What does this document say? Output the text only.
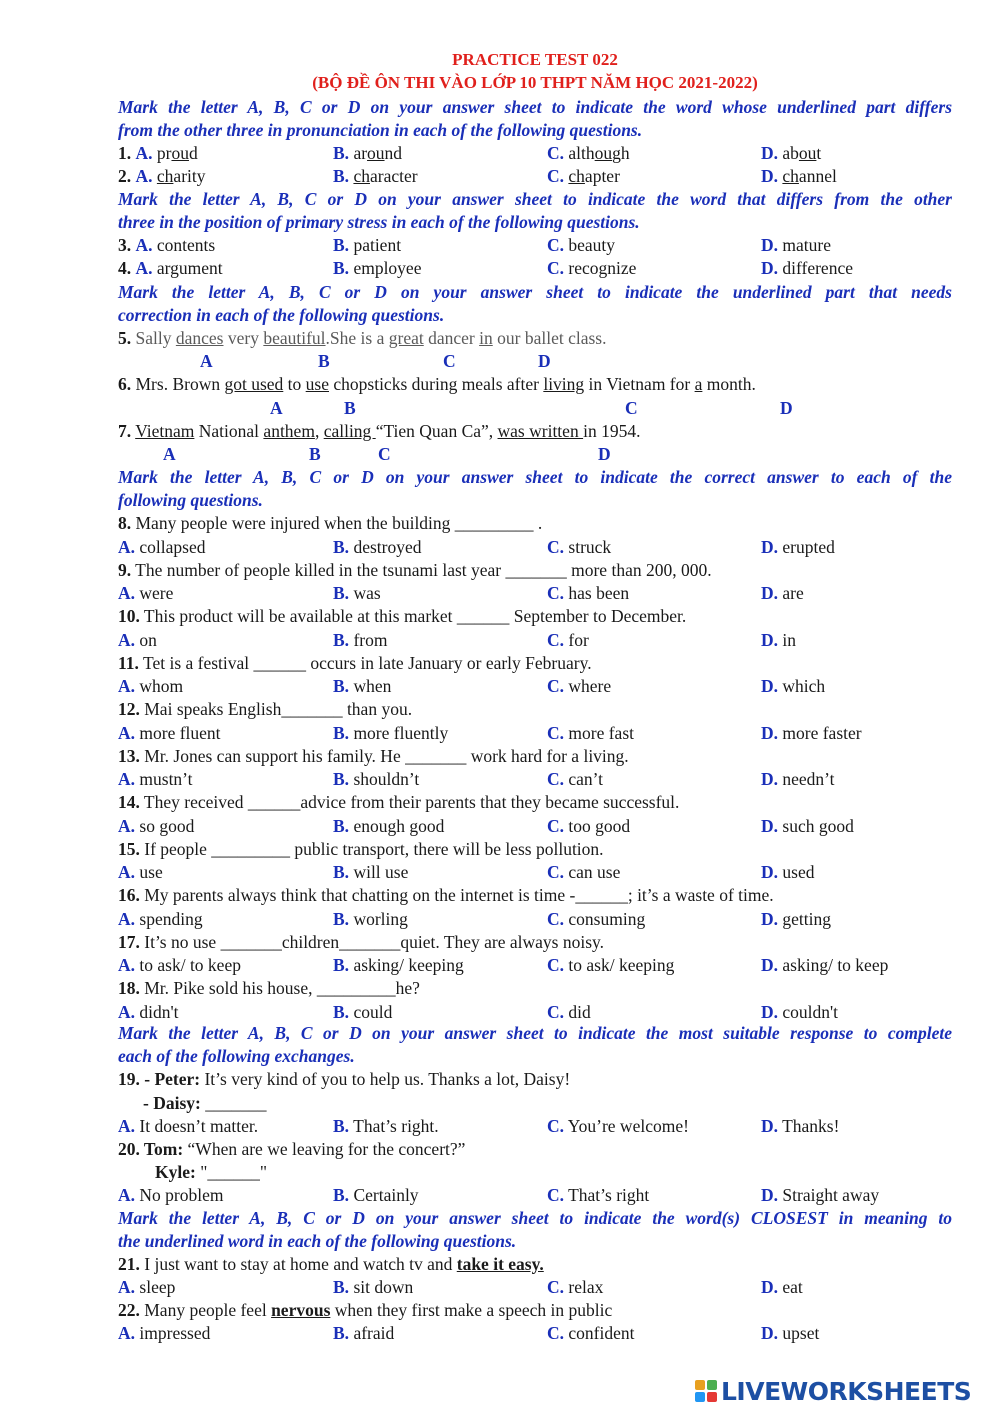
PRACTICE TEST 022
(BỘ ĐỀ ÔN THI VÀO LỚP 10 THPT NĂM HỌC 2021-2022)
Mark the letter A, B, C or D on your answer sheet to indicate the word whose underlined part differs
from the other three in pronunciation in each of the following questions.
1. A. proud	B. around	C. although	D. about
2. A. charity	B. character	C. chapter	D. channel
Mark the letter A, B, C or D on your answer sheet to indicate the word that differs from the other
three in the position of primary stress in each of the following questions.
3. A. contents	B. patient	C. beauty	D. mature
4. A. argument	B. employee	C. recognize	D. difference
Mark the letter A, B, C or D on your answer sheet to indicate the underlined part that needs
correction in each of the following questions.
5. Sally dances very beautiful.She is a great dancer in our ballet class.
A	B	C	D
6. Mrs. Brown got used to use chopsticks during meals after living in Vietnam for a month.
A	B	C	D
7. Vietnam National anthem, calling “Tien Quan Ca”, was written in 1954.
A	B	C	D
Mark the letter A, B, C or D on your answer sheet to indicate the correct answer to each of the
following questions.
8. Many people were injured when the building _________ .
A. collapsed	B. destroyed	C. struck	D. erupted
9. The number of people killed in the tsunami last year _______ more than 200, 000.
A. were	B. was	C. has been	D. are
10. This product will be available at this market ______ September to December.
A. on	B. from	C. for	D. in
11. Tet is a festival ______ occurs in late January or early February.
A. whom	B. when	C. where	D. which
12. Mai speaks English_______ than you.
A. more fluent	B. more fluently	C. more fast	D. more faster
13. Mr. Jones can support his family. He _______ work hard for a living.
A. mustn’t	B. shouldn’t	C. can’t	D. needn’t
14. They received ______advice from their parents that they became successful.
A. so good	B. enough good	C. too good	D. such good
15. If people _________ public transport, there will be less pollution.
A. use	B. will use	C. can use	D. used
16. My parents always think that chatting on the internet is time -______; it’s a waste of time.
A. spending	B. worling	C. consuming	D. getting
17. It’s no use _______children_______quiet. They are always noisy.
A. to ask/ to keep	B. asking/ keeping	C. to ask/ keeping	D. asking/ to keep
18. Mr. Pike sold his house, _________he?
A. didn't	B. could	C. did	D. couldn't
Mark the letter A, B, C or D on your answer sheet to indicate the most suitable response to complete
each of the following exchanges.
19. - Peter: It’s very kind of you to help us. Thanks a lot, Daisy!
- Daisy: _______
A. It doesn’t matter.	B. That’s right.	C. You’re welcome!	D. Thanks!
20. Tom: “When are we leaving for the concert?”
Kyle: "______"
A. No problem	B. Certainly	C. That’s right	D. Straight away
Mark the letter A, B, C or D on your answer sheet to indicate the word(s) CLOSEST in meaning to
the underlined word in each of the following questions.
21. I just want to stay at home and watch tv and take it easy.
A. sleep	B. sit down	C. relax	D. eat
22. Many people feel nervous when they first make a speech in public
A. impressed	B. afraid	C. confident	D. upset
LIVEWORKSHEETS
